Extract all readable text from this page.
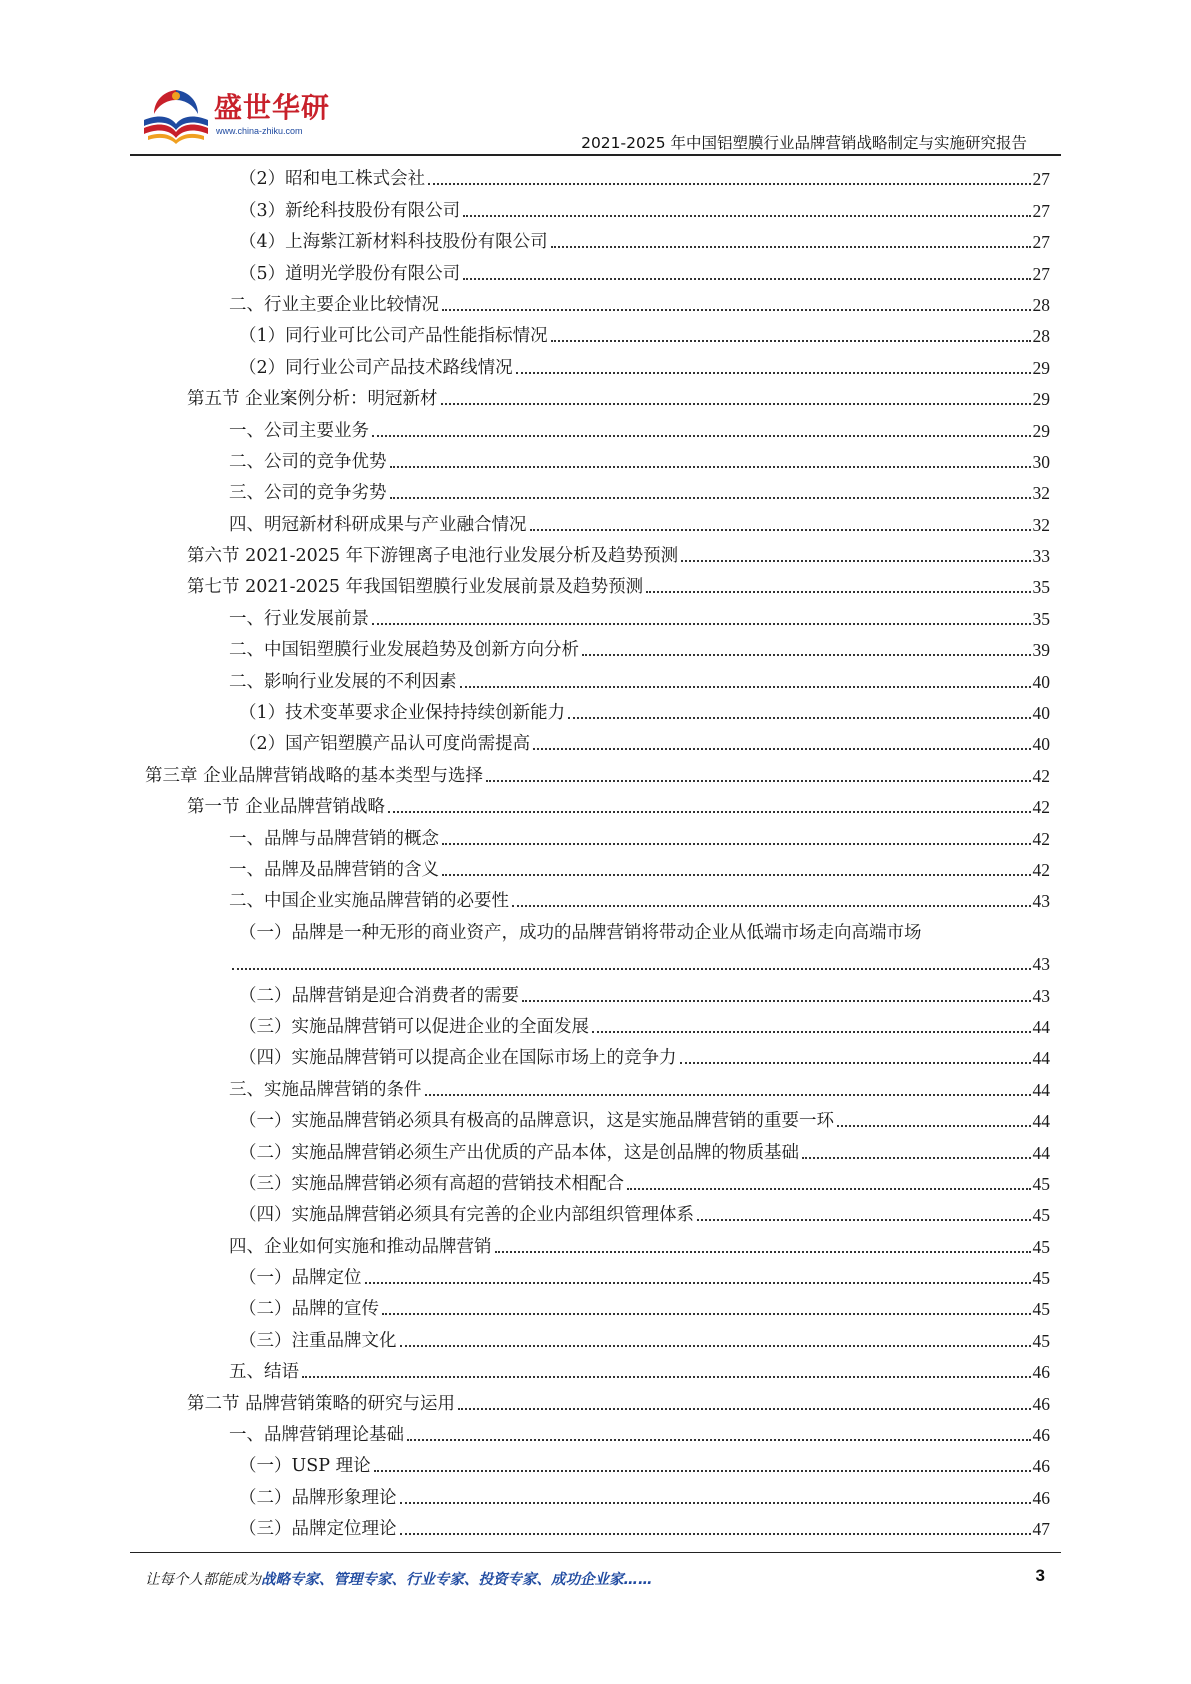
盛世华研
www.china-zhiku.com
2021-2025 年中国铝塑膜行业品牌营销战略制定与实施研究报告
（2）昭和电工株式会社	27
（3）新纶科技股份有限公司	27
（4）上海紫江新材料科技股份有限公司	27
（5）道明光学股份有限公司	27
二、行业主要企业比较情况	28
（1）同行业可比公司产品性能指标情况	28
（2）同行业公司产品技术路线情况	29
第五节 企业案例分析：明冠新材	29
一、公司主要业务	29
二、公司的竞争优势	30
三、公司的竞争劣势	32
四、明冠新材科研成果与产业融合情况	32
第六节 2021-2025 年下游锂离子电池行业发展分析及趋势预测	33
第七节 2021-2025 年我国铝塑膜行业发展前景及趋势预测	35
一、行业发展前景	35
二、中国铝塑膜行业发展趋势及创新方向分析	39
二、影响行业发展的不利因素	40
（1）技术变革要求企业保持持续创新能力	40
（2）国产铝塑膜产品认可度尚需提高	40
第三章 企业品牌营销战略的基本类型与选择	42
第一节 企业品牌营销战略	42
一、品牌与品牌营销的概念	42
一、品牌及品牌营销的含义	42
二、中国企业实施品牌营销的必要性	43
（一）品牌是一种无形的商业资产，成功的品牌营销将带动企业从低端市场走向高端市场
43
（二）品牌营销是迎合消费者的需要	43
（三）实施品牌营销可以促进企业的全面发展	44
（四）实施品牌营销可以提高企业在国际市场上的竞争力	44
三、实施品牌营销的条件	44
（一）实施品牌营销必须具有极高的品牌意识，这是实施品牌营销的重要一环	44
（二）实施品牌营销必须生产出优质的产品本体，这是创品牌的物质基础	44
（三）实施品牌营销必须有高超的营销技术相配合	45
（四）实施品牌营销必须具有完善的企业内部组织管理体系	45
四、企业如何实施和推动品牌营销	45
（一）品牌定位	45
（二）品牌的宣传	45
（三）注重品牌文化	45
五、结语	46
第二节 品牌营销策略的研究与运用	46
一、品牌营销理论基础	46
（一）USP 理论	46
（二）品牌形象理论	46
（三）品牌定位理论	47
让每个人都能成为战略专家、管理专家、行业专家、投资专家、成功企业家……	3
